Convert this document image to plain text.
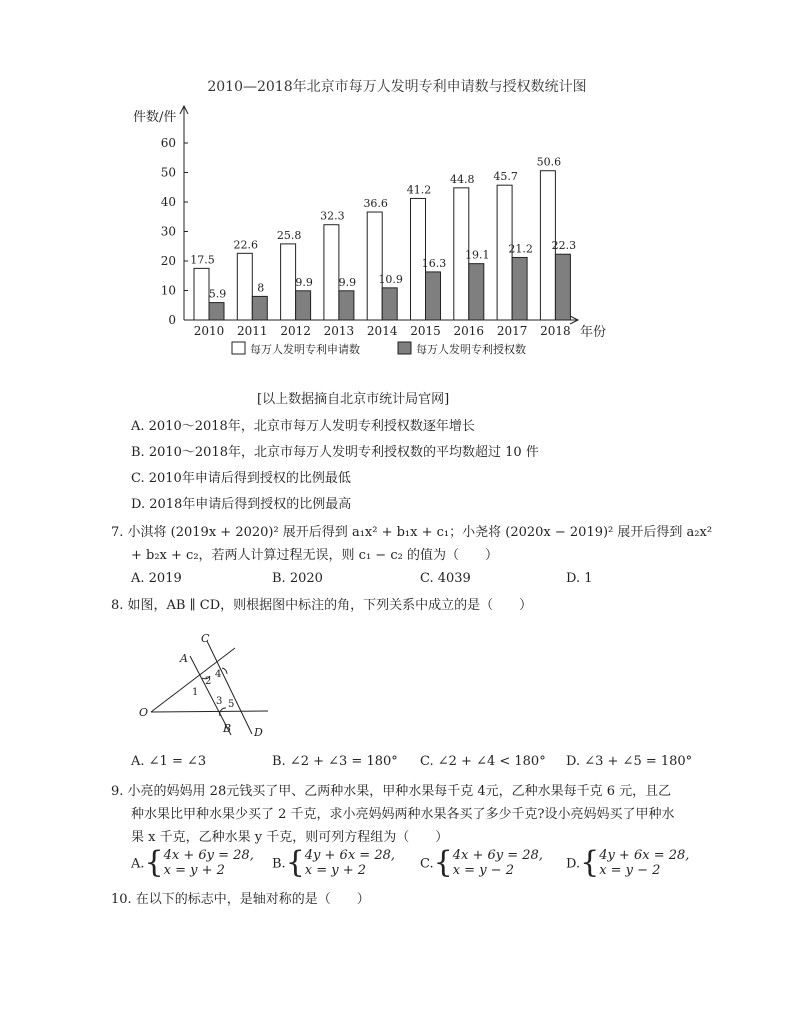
2010—2018年北京市每万人发明专利申请数与授权数统计图
件数/件
年份
0
10
20
30
40
50
60
17.5
5.9
2010
22.6
8
2011
25.8
9.9
2012
32.3
9.9
2013
36.6
10.9
2014
41.2
16.3
2015
44.8
19.1
2016
45.7
21.2
2017
50.6
22.3
2018
每万人发明专利申请数	每万人发明专利授权数
[以上数据摘自北京市统计局官网]
A. 2010～2018年，北京市每万人发明专利授权数逐年增长
B. 2010～2018年，北京市每万人发明专利授权数的平均数超过 10 件
C. 2010年申请后得到授权的比例最低
D. 2018年申请后得到授权的比例最高
7. 小淇将 (2019x + 2020)² 展开后得到 a₁x² + b₁x + c₁；小尧将 (2020x − 2019)² 展开后得到 a₂x²
+ b₂x + c₂，若两人计算过程无误，则 c₁ − c₂ 的值为（　　）
A. 2019	B. 2020	C. 4039	D. 1
8. 如图，AB ∥ CD，则根据图中标注的角，下列关系中成立的是（　　）
A
B
C
D
O
1
2
3
4
5
A. ∠1 = ∠3	B. ∠2 + ∠3 = 180° C. ∠2 + ∠4 < 180° D. ∠3 + ∠5 = 180°
9. 小亮的妈妈用 28元钱买了甲、乙两种水果，甲种水果每千克 4元，乙种水果每千克 6 元，且乙
种水果比甲种水果少买了 2 千克，求小亮妈妈两种水果各买了多少千克?设小亮妈妈买了甲种水
果 x 千克，乙种水果 y 千克，则可列方程组为（　　）
A.{4x + 6y = 28,
x = y + 2	B.{4y + 6x = 28,
x = y + 2	C.{4x + 6y = 28,
x = y − 2	D.{4y + 6x = 28,
x = y − 2
10. 在以下的标志中，是轴对称的是（　　）
